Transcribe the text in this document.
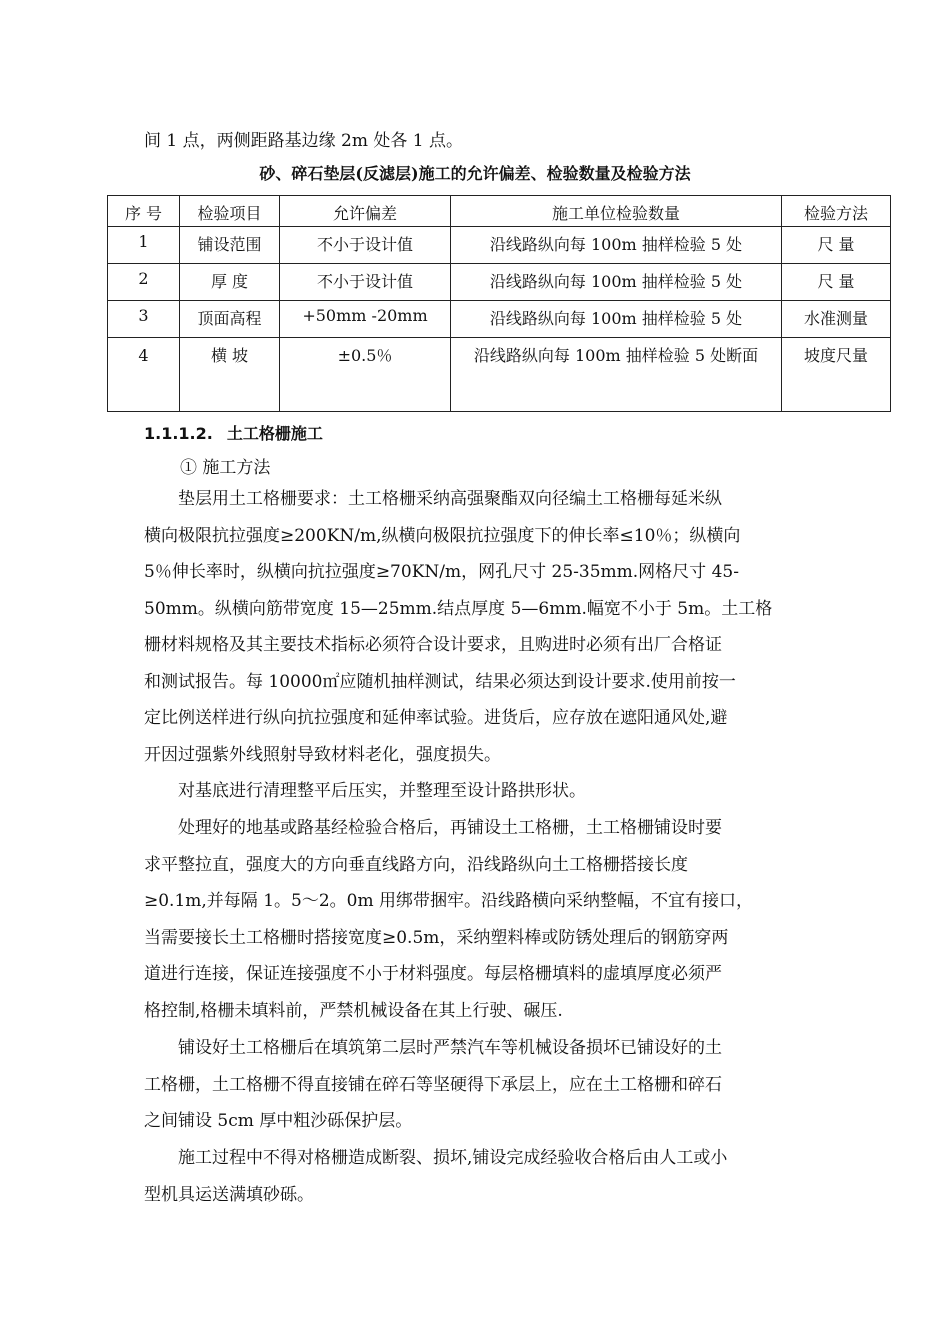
间 1 点，两侧距路基边缘 2m 处各 1 点。
砂、碎石垫层(反滤层)施工的允许偏差、检验数量及检验方法
序 号	检验项目	允许偏差	施工单位检验数量	检验方法
1	铺设范围	不小于设计值	沿线路纵向每 100m 抽样检验 5 处	尺 量
2	厚 度	不小于设计值	沿线路纵向每 100m 抽样检验 5 处	尺 量
3	顶面高程	+50mm -20mm	沿线路纵向每 100m 抽样检验 5 处	水准测量
4	横 坡	±0.5％	沿线路纵向每 100m 抽样检验 5 处断面	坡度尺量
1.1.1.2. 土工格栅施工
① 施工方法
垫层用土工格栅要求：土工格栅采纳高强聚酯双向径编土工格栅每延米纵
横向极限抗拉强度≥200KN/m,纵横向极限抗拉强度下的伸长率≤10％；纵横向
5％伸长率时，纵横向抗拉强度≥70KN/m，网孔尺寸 25-35mm.网格尺寸 45-
50mm。纵横向筋带宽度 15—25mm.结点厚度 5—6mm.幅宽不小于 5m。土工格
栅材料规格及其主要技术指标必须符合设计要求，且购进时必须有出厂合格证
和测试报告。每 10000㎡应随机抽样测试，结果必须达到设计要求.使用前按一
定比例送样进行纵向抗拉强度和延伸率试验。进货后，应存放在遮阳通风处,避
开因过强紫外线照射导致材料老化，强度损失。
对基底进行清理整平后压实，并整理至设计路拱形状。
处理好的地基或路基经检验合格后，再铺设土工格栅，土工格栅铺设时要
求平整拉直，强度大的方向垂直线路方向，沿线路纵向土工格栅搭接长度
≥0.1m,并每隔 1。5～2。0m 用绑带捆牢。沿线路横向采纳整幅，不宜有接口，
当需要接长土工格栅时搭接宽度≥0.5m，采纳塑料棒或防锈处理后的钢筋穿两
道进行连接，保证连接强度不小于材料强度。每层格栅填料的虚填厚度必须严
格控制,格栅未填料前，严禁机械设备在其上行驶、碾压.
铺设好土工格栅后在填筑第二层时严禁汽车等机械设备损坏已铺设好的土
工格栅，土工格栅不得直接铺在碎石等坚硬得下承层上，应在土工格栅和碎石
之间铺设 5cm 厚中粗沙砾保护层。
施工过程中不得对格栅造成断裂、损坏,铺设完成经验收合格后由人工或小
型机具运送满填砂砾。
